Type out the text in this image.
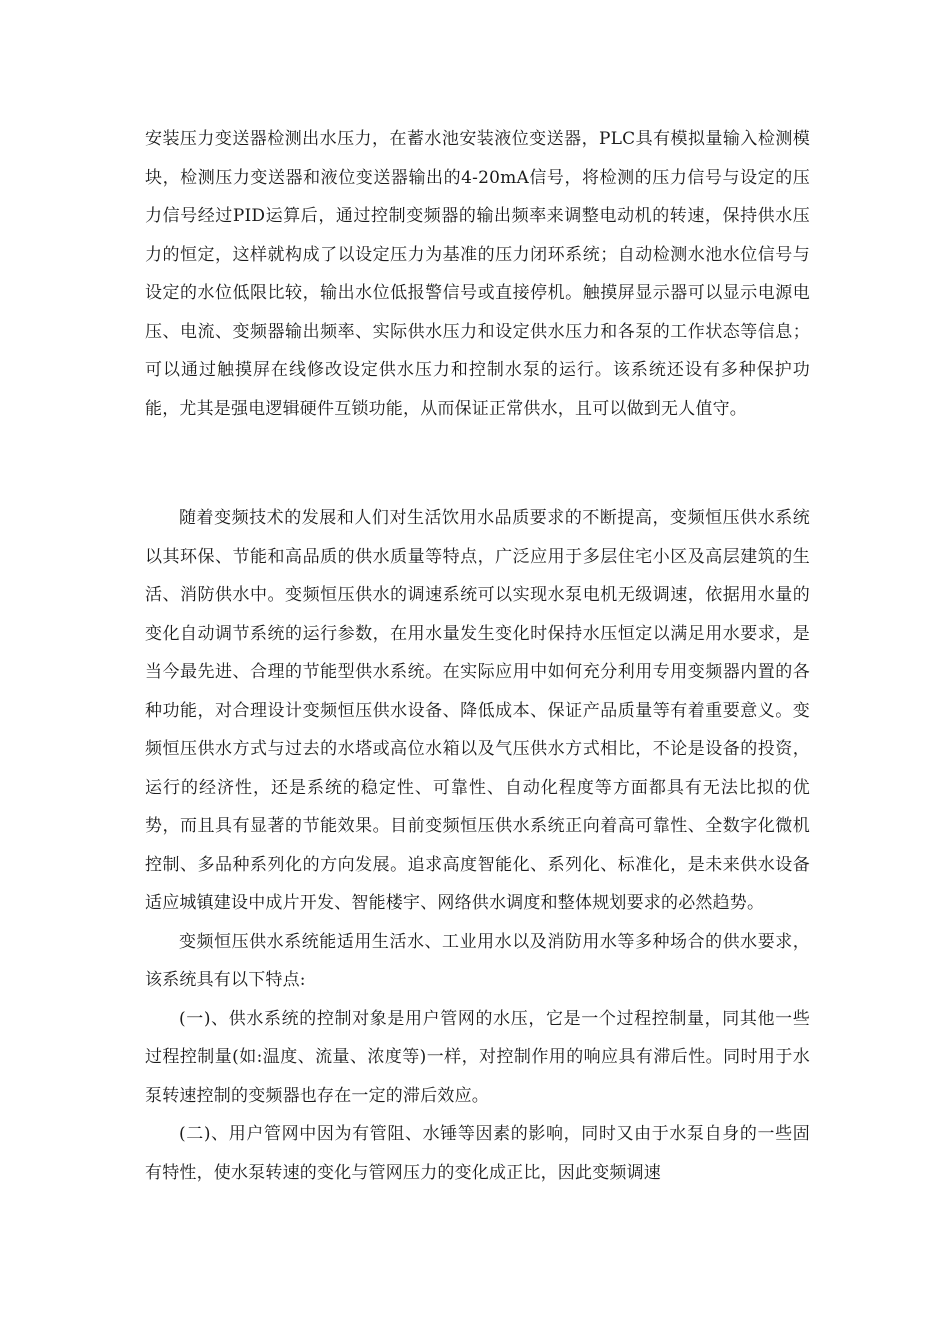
安装压力变送器检测出水压力，在蓄水池安装液位变送器，PLC具有模拟量输入检测模块，检测压力变送器和液位变送器输出的4-20mA信号，将检测的压力信号与设定的压力信号经过PID运算后，通过控制变频器的输出频率来调整电动机的转速，保持供水压力的恒定，这样就构成了以设定压力为基准的压力闭环系统；自动检测水池水位信号与设定的水位低限比较，输出水位低报警信号或直接停机。触摸屏显示器可以显示电源电压、电流、变频器输出频率、实际供水压力和设定供水压力和各泵的工作状态等信息；可以通过触摸屏在线修改设定供水压力和控制水泵的运行。该系统还设有多种保护功能，尤其是强电逻辑硬件互锁功能，从而保证正常供水，且可以做到无人值守。

随着变频技术的发展和人们对生活饮用水品质要求的不断提高，变频恒压供水系统以其环保、节能和高品质的供水质量等特点，广泛应用于多层住宅小区及高层建筑的生活、消防供水中。变频恒压供水的调速系统可以实现水泵电机无级调速，依据用水量的变化自动调节系统的运行参数，在用水量发生变化时保持水压恒定以满足用水要求，是当今最先进、合理的节能型供水系统。在实际应用中如何充分利用专用变频器内置的各种功能，对合理设计变频恒压供水设备、降低成本、保证产品质量等有着重要意义。变频恒压供水方式与过去的水塔或高位水箱以及气压供水方式相比，不论是设备的投资，运行的经济性，还是系统的稳定性、可靠性、自动化程度等方面都具有无法比拟的优势，而且具有显著的节能效果。目前变频恒压供水系统正向着高可靠性、全数字化微机控制、多品种系列化的方向发展。追求高度智能化、系列化、标准化，是未来供水设备适应城镇建设中成片开发、智能楼宇、网络供水调度和整体规划要求的必然趋势。

变频恒压供水系统能适用生活水、工业用水以及消防用水等多种场合的供水要求，该系统具有以下特点:

(一)、供水系统的控制对象是用户管网的水压，它是一个过程控制量，同其他一些过程控制量(如:温度、流量、浓度等)一样，对控制作用的响应具有滞后性。同时用于水泵转速控制的变频器也存在一定的滞后效应。

(二)、用户管网中因为有管阻、水锤等因素的影响，同时又由于水泵自身的一些固有特性，使水泵转速的变化与管网压力的变化成正比，因此变频调速
